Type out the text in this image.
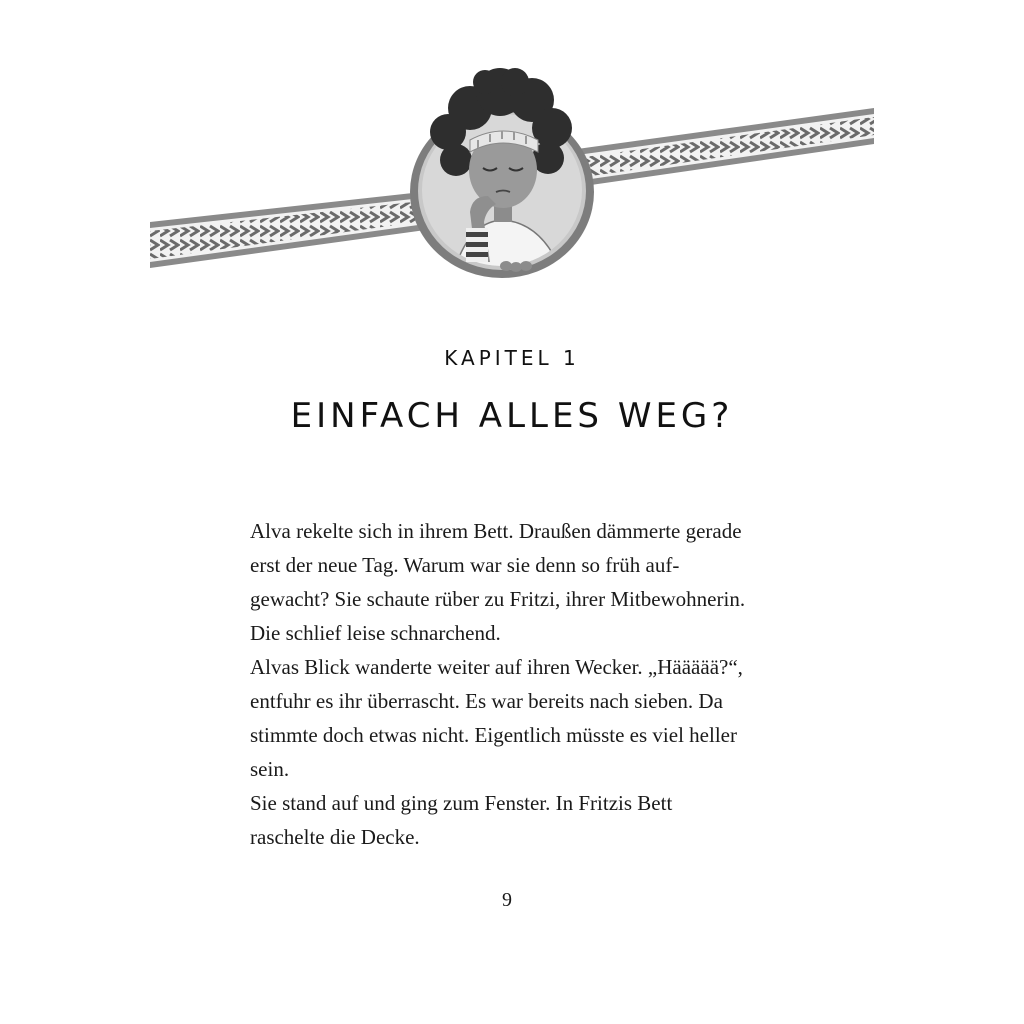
KAPITEL 1
EINFACH ALLES WEG?

Alva rekelte sich in ihrem Bett. Draußen dämmerte gerade

erst der neue Tag. Warum war sie denn so früh auf-

gewacht? Sie schaute rüber zu Fritzi, ihrer Mitbewohnerin.

Die schlief leise schnarchend.

Alvas Blick wanderte weiter auf ihren Wecker. „Häääää?“,

entfuhr es ihr überrascht. Es war bereits nach sieben. Da

stimmte doch etwas nicht. Eigentlich müsste es viel heller

sein.

Sie stand auf und ging zum Fenster. In Fritzis Bett

raschelte die Decke.

9
